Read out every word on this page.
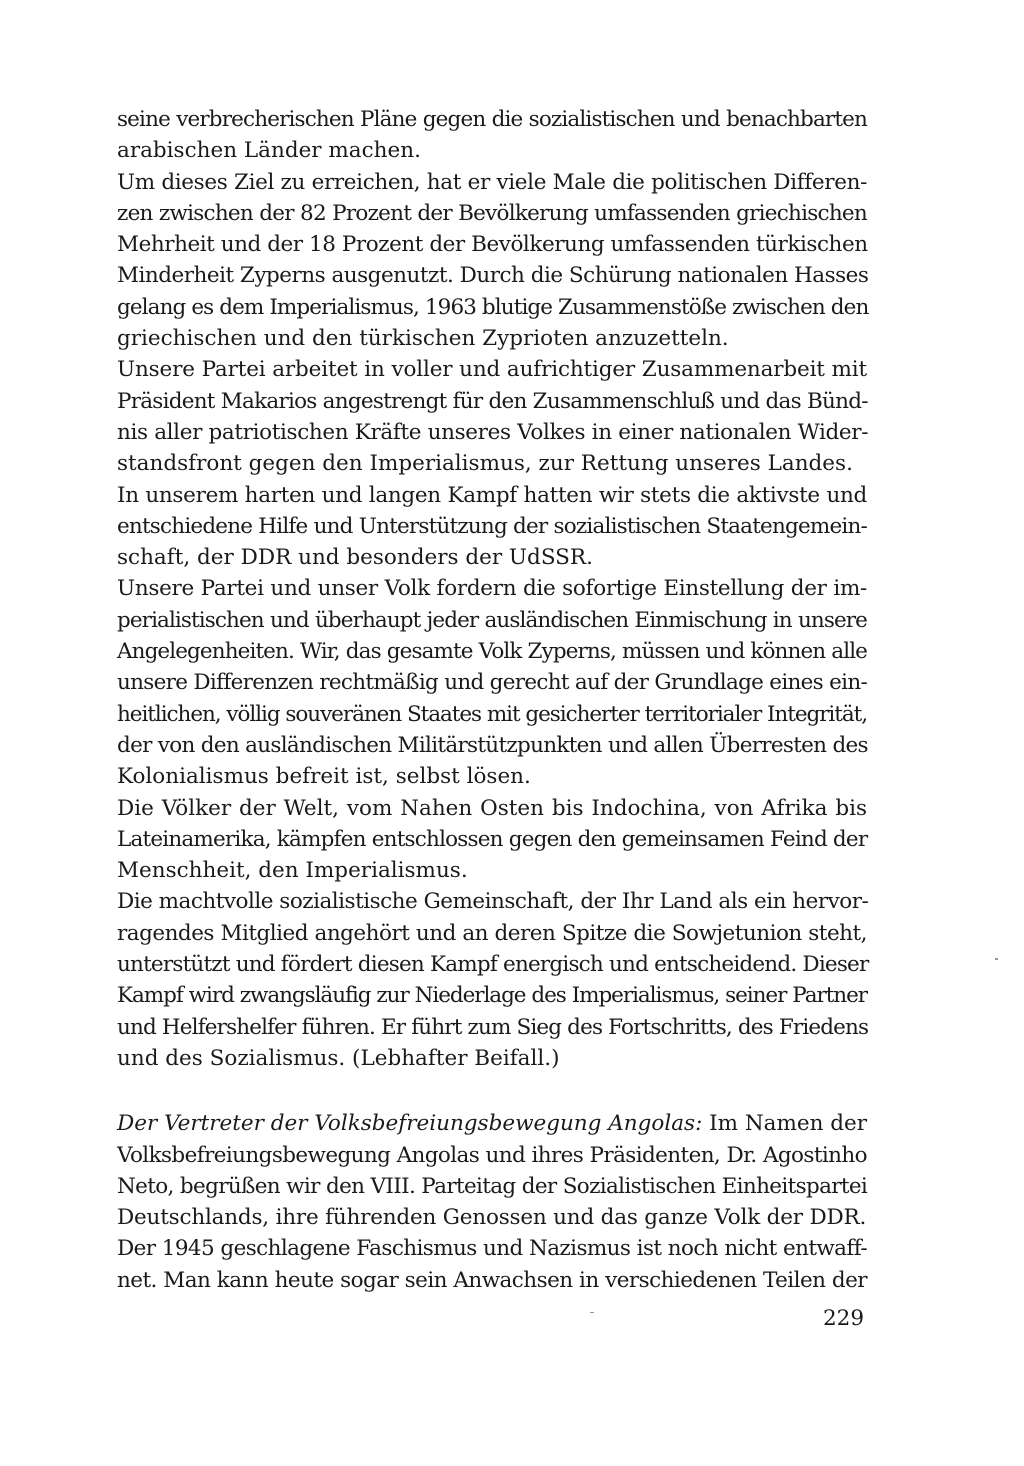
seine verbrecherischen Pläne gegen die sozialistischen und benachbarten
arabischen Länder machen.
Um dieses Ziel zu erreichen, hat er viele Male die politischen Differen-
zen zwischen der 82 Prozent der Bevölkerung umfassenden griechischen
Mehrheit und der 18 Prozent der Bevölkerung umfassenden türkischen
Minderheit Zyperns ausgenutzt. Durch die Schürung nationalen Hasses
gelang es dem Imperialismus, 1963 blutige Zusammenstöße zwischen den
griechischen und den türkischen Zyprioten anzuzetteln.
Unsere Partei arbeitet in voller und aufrichtiger Zusammenarbeit mit
Präsident Makarios angestrengt für den Zusammenschluß und das Bünd-
nis aller patriotischen Kräfte unseres Volkes in einer nationalen Wider-
standsfront gegen den Imperialismus, zur Rettung unseres Landes.
In unserem harten und langen Kampf hatten wir stets die aktivste und
entschiedene Hilfe und Unterstützung der sozialistischen Staatengemein-
schaft, der DDR und besonders der UdSSR.
Unsere Partei und unser Volk fordern die sofortige Einstellung der im-
perialistischen und überhaupt jeder ausländischen Einmischung in unsere
Angelegenheiten. Wir, das gesamte Volk Zyperns, müssen und können alle
unsere Differenzen rechtmäßig und gerecht auf der Grundlage eines ein-
heitlichen, völlig souveränen Staates mit gesicherter territorialer Integrität,
der von den ausländischen Militärstützpunkten und allen Überresten des
Kolonialismus befreit ist, selbst lösen.
Die Völker der Welt, vom Nahen Osten bis Indochina, von Afrika bis
Lateinamerika, kämpfen entschlossen gegen den gemeinsamen Feind der
Menschheit, den Imperialismus.
Die machtvolle sozialistische Gemeinschaft, der Ihr Land als ein hervor-
ragendes Mitglied angehört und an deren Spitze die Sowjetunion steht,
unterstützt und fördert diesen Kampf energisch und entscheidend. Dieser
Kampf wird zwangsläufig zur Niederlage des Imperialismus, seiner Partner
und Helfershelfer führen. Er führt zum Sieg des Fortschritts, des Friedens
und des Sozialismus. (Lebhafter Beifall.)
Der Vertreter der Volksbefreiungsbewegung Angolas: Im Namen der
Volksbefreiungsbewegung Angolas und ihres Präsidenten, Dr. Agostinho
Neto, begrüßen wir den VIII. Parteitag der Sozialistischen Einheitspartei
Deutschlands, ihre führenden Genossen und das ganze Volk der DDR.
Der 1945 geschlagene Faschismus und Nazismus ist noch nicht entwaff-
net. Man kann heute sogar sein Anwachsen in verschiedenen Teilen der
229
